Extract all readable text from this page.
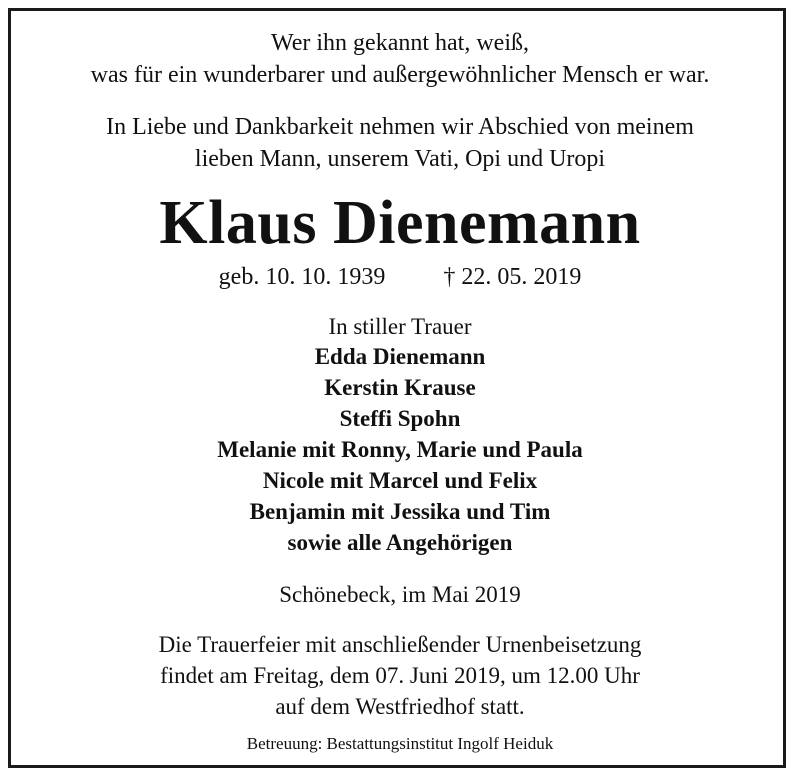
Wer ihn gekannt hat, weiß,

was für ein wunderbarer und außergewöhnlicher Mensch er war.

In Liebe und Dankbarkeit nehmen wir Abschied von meinem

lieben Mann, unserem Vati, Opi und Uropi

Klaus Dienemann

geb. 10. 10. 1939 † 22. 05. 2019

In stiller Trauer

Edda Dienemann

Kerstin Krause

Steffi Spohn

Melanie mit Ronny, Marie und Paula

Nicole mit Marcel und Felix

Benjamin mit Jessika und Tim

sowie alle Angehörigen

Schönebeck, im Mai 2019

Die Trauerfeier mit anschließender Urnenbeisetzung

findet am Freitag, dem 07. Juni 2019, um 12.00 Uhr

auf dem Westfriedhof statt.

Betreuung: Bestattungsinstitut Ingolf Heiduk
